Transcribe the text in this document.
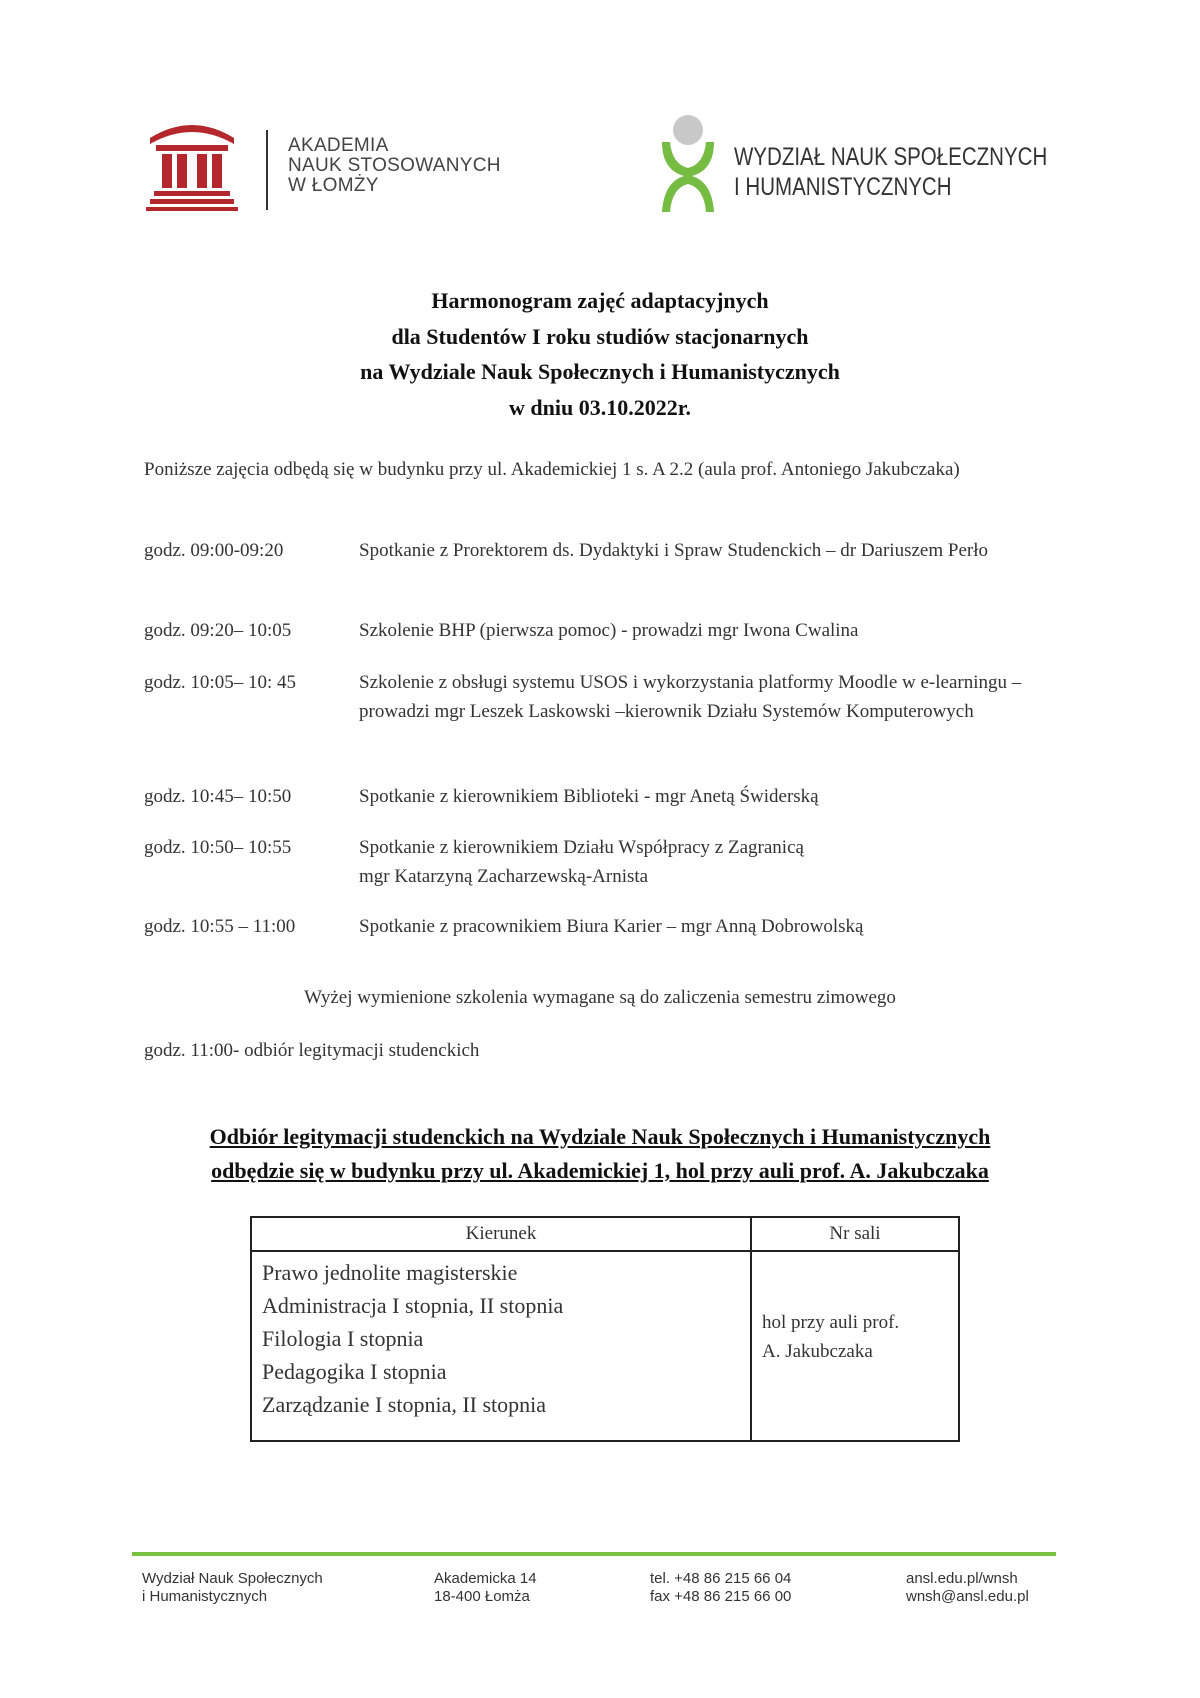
AKADEMIA
NAUK STOSOWANYCH
W ŁOMŻY
WYDZIAŁ NAUK SPOŁECZNYCH
I HUMANISTYCZNYCH
Harmonogram zajęć adaptacyjnych
dla Studentów I roku studiów stacjonarnych
na Wydziale Nauk Społecznych i Humanistycznych
w dniu 03.10.2022r.
Poniższe zajęcia odbędą się w budynku przy ul. Akademickiej 1 s. A 2.2 (aula prof. Antoniego Jakubczaka)
godz. 09:00-09:20	Spotkanie z Prorektorem ds. Dydaktyki i Spraw Studenckich – dr Dariuszem Perło
godz. 09:20– 10:05	Szkolenie BHP (pierwsza pomoc) - prowadzi mgr Iwona Cwalina
godz. 10:05– 10: 45	Szkolenie z obsługi systemu USOS i wykorzystania platformy Moodle w e-learningu – prowadzi mgr Leszek Laskowski –kierownik Działu Systemów Komputerowych
godz. 10:45– 10:50	Spotkanie z kierownikiem Biblioteki - mgr Anetą Świderską
godz. 10:50– 10:55	Spotkanie z kierownikiem Działu Współpracy z Zagranicą
mgr Katarzyną Zacharzewską-Arnista
godz. 10:55 – 11:00	Spotkanie z pracownikiem Biura Karier – mgr Anną Dobrowolską
Wyżej wymienione szkolenia wymagane są do zaliczenia semestru zimowego
godz. 11:00- odbiór legitymacji studenckich
Odbiór legitymacji studenckich na Wydziale Nauk Społecznych i Humanistycznych
odbędzie się w budynku przy ul. Akademickiej 1, hol przy auli prof. A. Jakubczaka
Kierunek	Nr sali
Prawo jednolite magisterskie
Administracja I stopnia, II stopnia
Filologia I stopnia
Pedagogika I stopnia
Zarządzanie I stopnia, II stopnia
hol przy auli prof.
A. Jakubczaka
Wydział Nauk Społecznych
i Humanistycznych
Akademicka 14
18-400 Łomża
tel. +48 86 215 66 04
fax +48 86 215 66 00
ansl.edu.pl/wnsh
wnsh@ansl.edu.pl
